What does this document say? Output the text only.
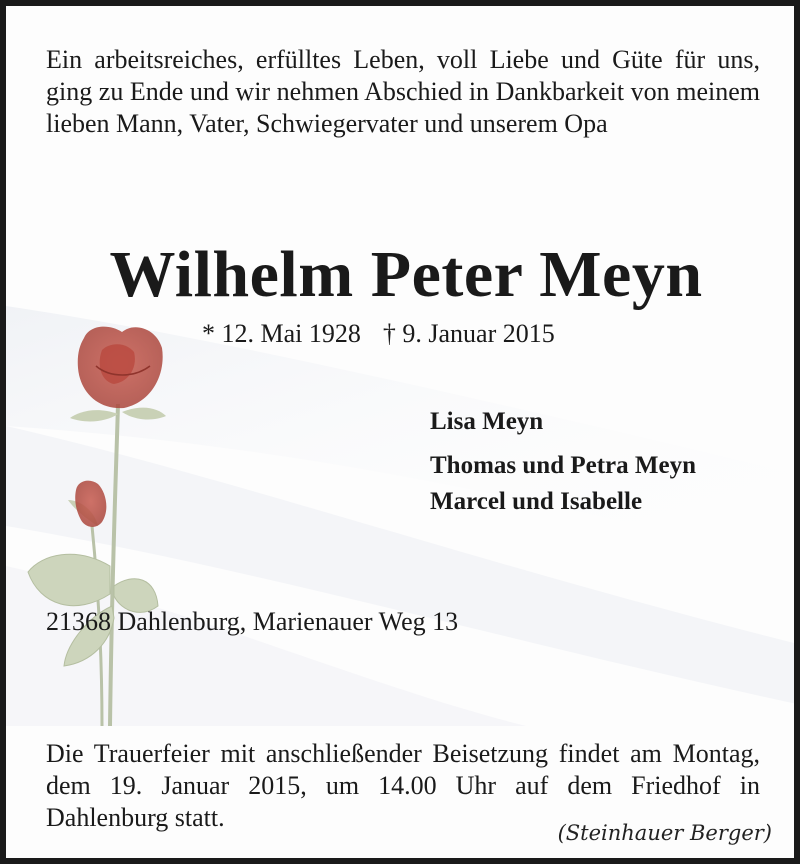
Ein arbeitsreiches, erfülltes Leben, voll Liebe und Güte für uns, ging zu Ende und wir nehmen Abschied in Dankbarkeit von meinem lieben Mann, Vater, Schwiegervater und unserem Opa
Wilhelm Peter Meyn
* 12. Mai 1928 † 9. Januar 2015
Lisa Meyn
Thomas und Petra Meyn
Marcel und Isabelle
21368 Dahlenburg, Marienauer Weg 13
Die Trauerfeier mit anschließender Beisetzung findet am Montag, dem 19. Januar 2015, um 14.00 Uhr auf dem Friedhof in Dahlenburg statt.
(Steinhauer Berger)
